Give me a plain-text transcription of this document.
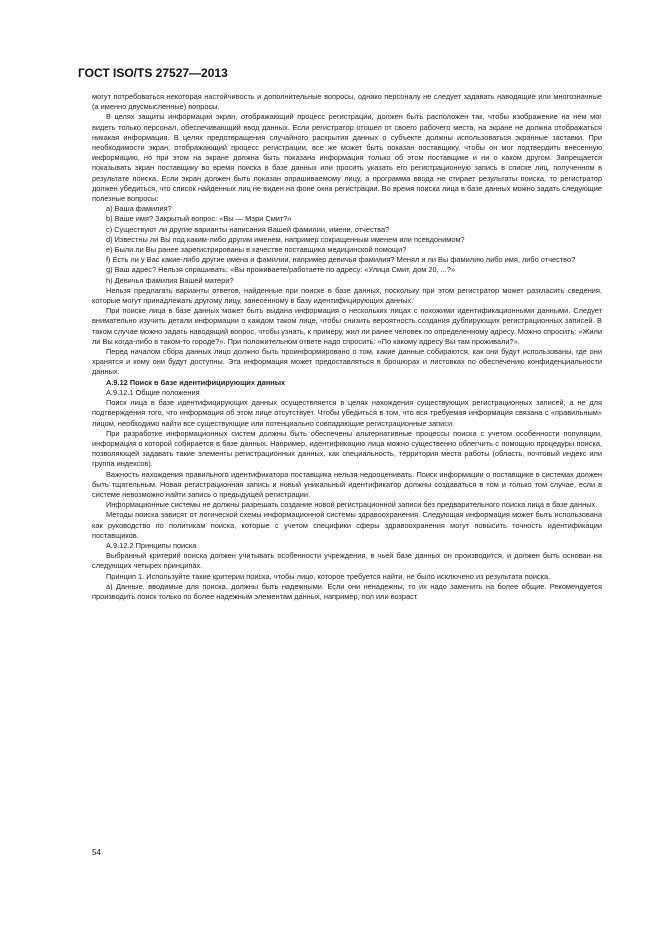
ГОСТ ISO/TS 27527—2013

могут потребоваться некоторая настойчивость и дополнительные вопросы, однако персоналу не следует задавать наводящие или многозначные (а именно двусмысленные) вопросы.

В целях защиты информации экран, отображающий процесс регистрации, должен быть расположен так, чтобы изображение на нем мог видеть только персонал, обеспечивающий ввод данных. Если регистратор отошел от своего рабочего места, на экране не должна отображаться никакая информация. В целях предотвращения случайного раскрытия данных о субъекте должны использоваться экранные заставки. При необходимости экран, отображающий процесс регистрации, все же может быть показан поставщику, чтобы он мог подтвердить внесенную информацию, но при этом на экране должна быть показана информация только об этом поставщике и ни о каком другом. Запрещается показывать экран поставщику во время поиска в базе данных или просить указать его регистрационную запись в списке лиц, полученном в результате поиска. Если экран должен быть показан опрашиваемому лицу, а программа ввода не стирает результаты поиска, то регистратор должен убедиться, что список найденных лиц не виден на фоне окна регистрации. Во время поиска лица в базе данных можно задать следующие полезные вопросы:

а) Ваша фамилия?

b) Ваше имя? Закрытый вопрос: «Вы — Мэри Смит?»

c) Существуют ли другие варианты написания Вашей фамилии, имени, отчества?

d) Известны ли Вы под каким-либо другим именем, например сокращенным именем или псевдонимом?

e) Были ли Вы ранее зарегистрированы в качестве поставщика медицинской помощи?

f) Есть ли у Вас какие-либо другие имена и фамилии, например девичья фамилия? Менял и ли Вы фамилию либо имя, либо отчество?

g) Ваш адрес? Нельзя спрашивать: «Вы проживаете/работаете по адресу: «Улица Смит, дом 20, ...?»

h) Девичья фамилия Вашей матери?

Нельзя предлагать варианты ответов, найденные при поиске в базе данных, поскольку при этом регистратор может разгласить сведения, которые могут принадлежать другому лицу, занесенному в базу идентифицирующих данных.

При поиске лица в базе данных может быть выдана информация о нескольких лицах с похожими идентификационными данными. Следует внимательно изучить детали информации о каждом таком лице, чтобы снизить вероятность создания дублирующих регистрационных записей. В таком случае можно задать наводящий вопрос, чтобы узнать, к примеру, жил ли ранее человек по определенному адресу. Можно спросить: «Жили ли Вы когда-либо в таком-то городе?». При положительном ответе надо спросить: «По какому адресу Вы там проживали?».

Перед началом сбора данных лицо должно быть проинформировано о том, какие данные собираются, как они будут использованы, где они хранятся и кому они будут доступны. Эта информация может предоставляться в брошюрах и листовках по обеспечению конфиденциальности данных.

А.9.12 Поиск в базе идентифицирующих данных

А.9.12.1 Общие положения

Поиск лица в базе идентифицирующих данных осуществляется в целях нахождения существующих регистрационных записей, а не для подтверждения того, что информация об этом лице отсутствует. Чтобы убедиться в том, что вся требуемая информация связана с «правильным» лицом, необходимо найти все существующие или потенциально совпадающие регистрационные записи.

При разработке информационных систем должны быть обеспечены альтернативные процессы поиска с учетом особенности популяции, информация о которой собирается в базе данных. Например, идентификацию лица можно существенно облегчить с помощью процедуры поиска, позволяющей задавать такие элементы регистрационных данных, как специальность, территория места работы (область, почтовый индекс или группа индексов).

Важность нахождения правильного идентификатора поставщика нельзя недооценивать. Поиск информации о поставщике в системах должен быть тщательным. Новая регистрационная запись и новый уникальный идентификатор должны создаваться в том и только том случае, если в системе невозможно найти запись о предыдущей регистрации.

Информационные системы не должны разрешать создание новой регистрационной записи без предварительного поиска лица в базе данных.

Методы поиска зависят от логической схемы информационной системы здравоохранения. Следующая информация может быть использована как руководство по политикам поиска, которые с учетом специфики сферы здравоохранения могут повысить точность идентификации поставщиков.

А.9.12.2 Принципы поиска

Выбранный критерий поиска должен учитывать особенности учреждения, в чьей базе данных он производится, и должен быть основан на следующих четырех принципах.

Принцип 1. Используйте такие критерии поиска, чтобы лицо, которое требуется найти, не было исключено из результата поиска.

а) Данные, вводимые для поиска, должны быть надежными. Если они ненадежны, то их надо заменить на более общие. Рекомендуется производить поиск только по более надежным элементам данных, например, пол или возраст.

54
